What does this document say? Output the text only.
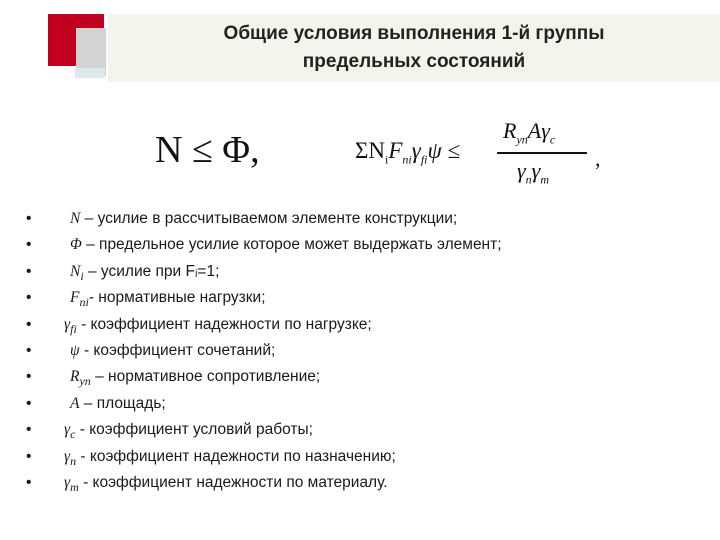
Общие условия выполнения 1-й группы
предельных состояний
N ≤ Φ,	$\Sigma N_iF_{ni}\gamma_{fi}\psi$ ≤
$R_{yn}A\gamma_c$
$\gamma_n\gamma_m$
,
• N – усилие в рассчитываемом элементе конструкции;
• Φ – предельное усилие которое может выдержать элемент;
• $N_i$ – усилие при Fᵢ=1;
• $F_{ni}-$ нормативные нагрузки;
• $\gamma_{fi}$ - коэффициент надежности по нагрузке;
• ψ - коэффициент сочетаний;
• $R_{yn}$ – нормативное сопротивление;
• A – площадь;
• $\gamma_c$ - коэффициент условий работы;
• $\gamma_n$ - коэффициент надежности по назначению;
• $\gamma_m$ - коэффициент надежности по материалу.
